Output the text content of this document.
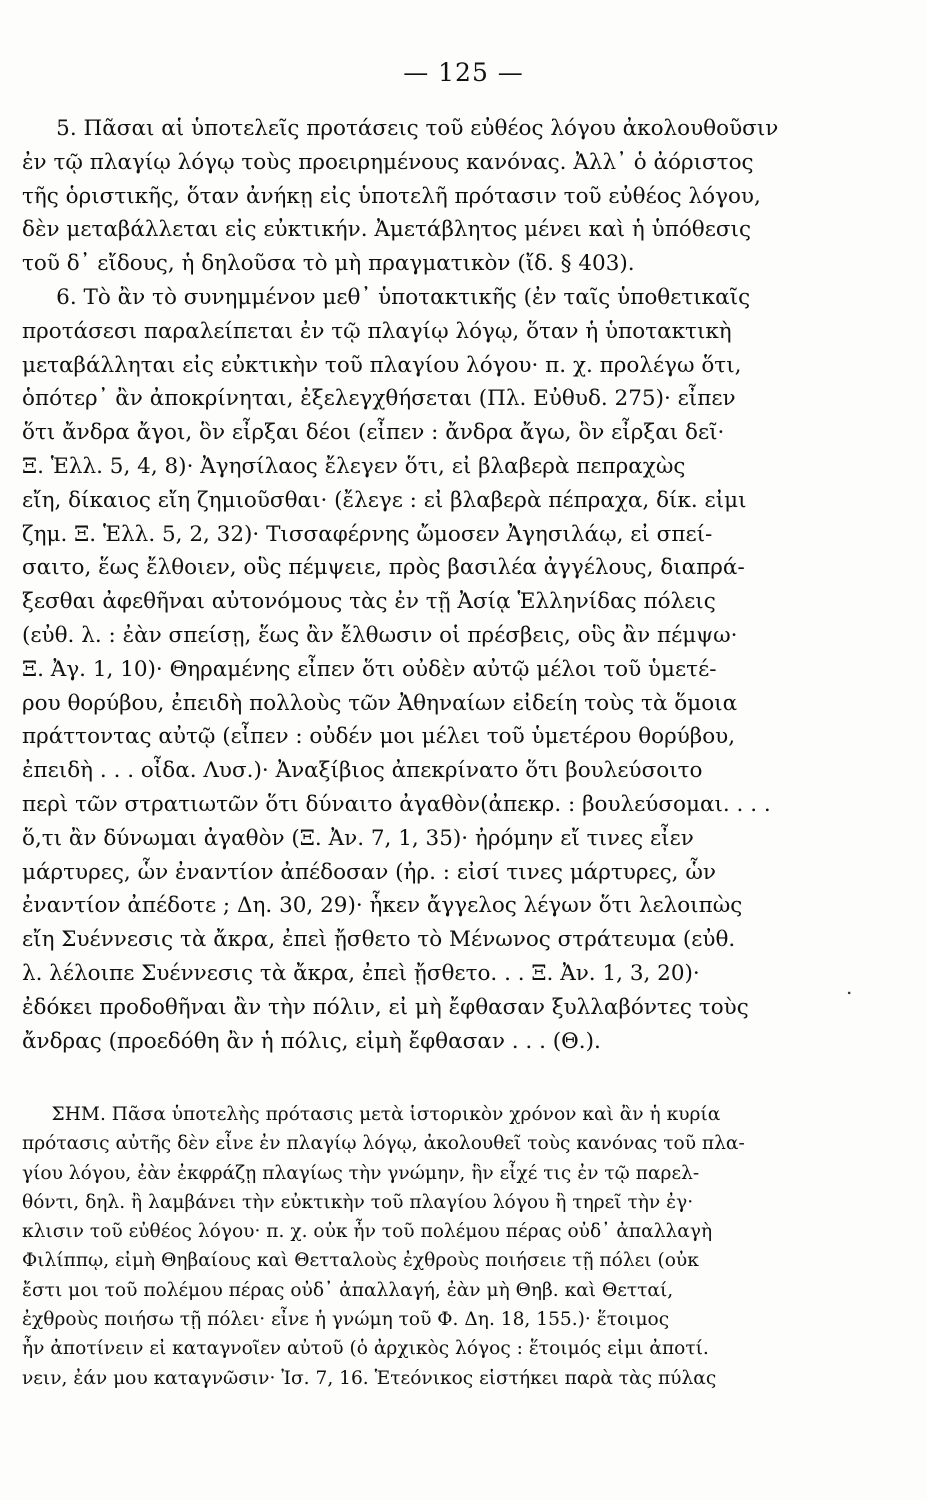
— 125 —
5. Πᾶσαι αἱ ὑποτελεῖς προτάσεις τοῦ εὐθέος λόγου ἀκολουθοῦσιν
ἐν τῷ πλαγίῳ λόγῳ τοὺς προειρημένους κανόνας. Ἀλλ᾽ ὁ ἀόριστος
τῆς ὁριστικῆς, ὅταν ἀνήκῃ εἰς ὑποτελῆ πρότασιν τοῦ εὐθέος λόγου,
δὲν μεταβάλλεται εἰς εὐκτικήν. Ἀμετάβλητος μένει καὶ ἡ ὑπόθεσις
τοῦ δ᾽ εἴδους, ἡ δηλοῦσα τὸ μὴ πραγματικὸν (ἴδ. § 403).
6. Τὸ ἂν τὸ συνημμένον μεθ᾽ ὑποτακτικῆς (ἐν ταῖς ὑποθετικαῖς
προτάσεσι παραλείπεται ἐν τῷ πλαγίῳ λόγῳ, ὅταν ἡ ὑποτακτικὴ
μεταβάλληται εἰς εὐκτικὴν τοῦ πλαγίου λόγου· π. χ. προλέγω ὅτι,
ὁπότερ᾽ ἂν ἀποκρίνηται, ἐξελεγχθήσεται (Πλ. Εὐθυδ. 275)· εἶπεν
ὅτι ἄνδρα ἄγοι, ὃν εἶρξαι δέοι (εἶπεν : ἄνδρα ἄγω, ὃν εἶρξαι δεῖ·
Ξ. Ἑλλ. 5, 4, 8)· Ἀγησίλαος ἔλεγεν ὅτι, εἰ βλαβερὰ πεπραχὼς
εἴη, δίκαιος εἴη ζημιοῦσθαι· (ἔλεγε : εἰ βλαβερὰ πέπραχα, δίκ. εἰμι
ζημ. Ξ. Ἑλλ. 5, 2, 32)· Τισσαφέρνης ὤμοσεν Ἀγησιλάῳ, εἰ σπεί-
σαιτο, ἕως ἔλθοιεν, οὓς πέμψειε, πρὸς βασιλέα ἀγγέλους, διαπρά-
ξεσθαι ἀφεθῆναι αὐτονόμους τὰς ἐν τῇ Ἀσίᾳ Ἑλληνίδας πόλεις
(εὐθ. λ. : ἐὰν σπείσῃ, ἕως ἂν ἔλθωσιν οἱ πρέσβεις, οὓς ἂν πέμψω·
Ξ. Ἀγ. 1, 10)· Θηραμένης εἶπεν ὅτι οὐδὲν αὐτῷ μέλοι τοῦ ὑμετέ-
ρου θορύβου, ἐπειδὴ πολλοὺς τῶν Ἀθηναίων εἰδείη τοὺς τὰ ὅμοια
πράττοντας αὐτῷ (εἶπεν : οὐδέν μοι μέλει τοῦ ὑμετέρου θορύβου,
ἐπειδὴ . . . οἶδα. Λυσ.)· Ἀναξίβιος ἀπεκρίνατο ὅτι βουλεύσοιτο
περὶ τῶν στρατιωτῶν ὅτι δύναιτο ἀγαθὸν(ἀπεκρ. : βουλεύσομαι. . . .
ὅ,τι ἂν δύνωμαι ἀγαθὸν (Ξ. Ἀν. 7, 1, 35)· ἠρόμην εἴ τινες εἶεν
μάρτυρες, ὧν ἐναντίον ἀπέδοσαν (ἠρ. : εἰσί τινες μάρτυρες, ὧν
ἐναντίον ἀπέδοτε ; Δη. 30, 29)· ἧκεν ἄγγελος λέγων ὅτι λελοιπὼς
εἴη Συέννεσις τὰ ἄκρα, ἐπεὶ ᾔσθετο τὸ Μένωνος στράτευμα (εὐθ.
λ. λέλοιπε Συέννεσις τὰ ἄκρα, ἐπεὶ ᾔσθετο. . . Ξ. Ἀν. 1, 3, 20)·
ἐδόκει προδοθῆναι ἂν τὴν πόλιν, εἰ μὴ ἔφθασαν ξυλλαβόντες τοὺς
ἄνδρας (προεδόθη ἂν ἡ πόλις, εἰμὴ ἔφθασαν . . . (Θ.).
ΣΗΜ. Πᾶσα ὑποτελὴς πρότασις μετὰ ἱστορικὸν χρόνον καὶ ἂν ἡ κυρία
πρότασις αὐτῆς δὲν εἶνε ἐν πλαγίῳ λόγῳ, ἀκολουθεῖ τοὺς κανόνας τοῦ πλα-
γίου λόγου, ἐὰν ἐκφράζῃ πλαγίως τὴν γνώμην, ἣν εἶχέ τις ἐν τῷ παρελ-
θόντι, δηλ. ἢ λαμβάνει τὴν εὐκτικὴν τοῦ πλαγίου λόγου ἢ τηρεῖ τὴν ἐγ·
κλισιν τοῦ εὐθέος λόγου· π. χ. οὐκ ἦν τοῦ πολέμου πέρας οὐδ᾽ ἀπαλλαγὴ
Φιλίππῳ, εἰμὴ Θηβαίους καὶ Θετταλοὺς ἐχθροὺς ποιήσειε τῇ πόλει (οὐκ
ἔστι μοι τοῦ πολέμου πέρας οὐδ᾽ ἀπαλλαγή, ἐὰν μὴ Θηβ. καὶ Θετταί,
ἐχθροὺς ποιήσω τῇ πόλει· εἶνε ἡ γνώμη τοῦ Φ. Δη. 18, 155.)· ἕτοιμος
ἦν ἀποτίνειν εἰ καταγνοῖεν αὐτοῦ (ὁ ἀρχικὸς λόγος : ἕτοιμός εἰμι ἀποτί.
νειν, ἐάν μου καταγνῶσιν· Ἰσ. 7, 16. Ἑτεόνικος εἱστήκει παρὰ τὰς πύλας
.
